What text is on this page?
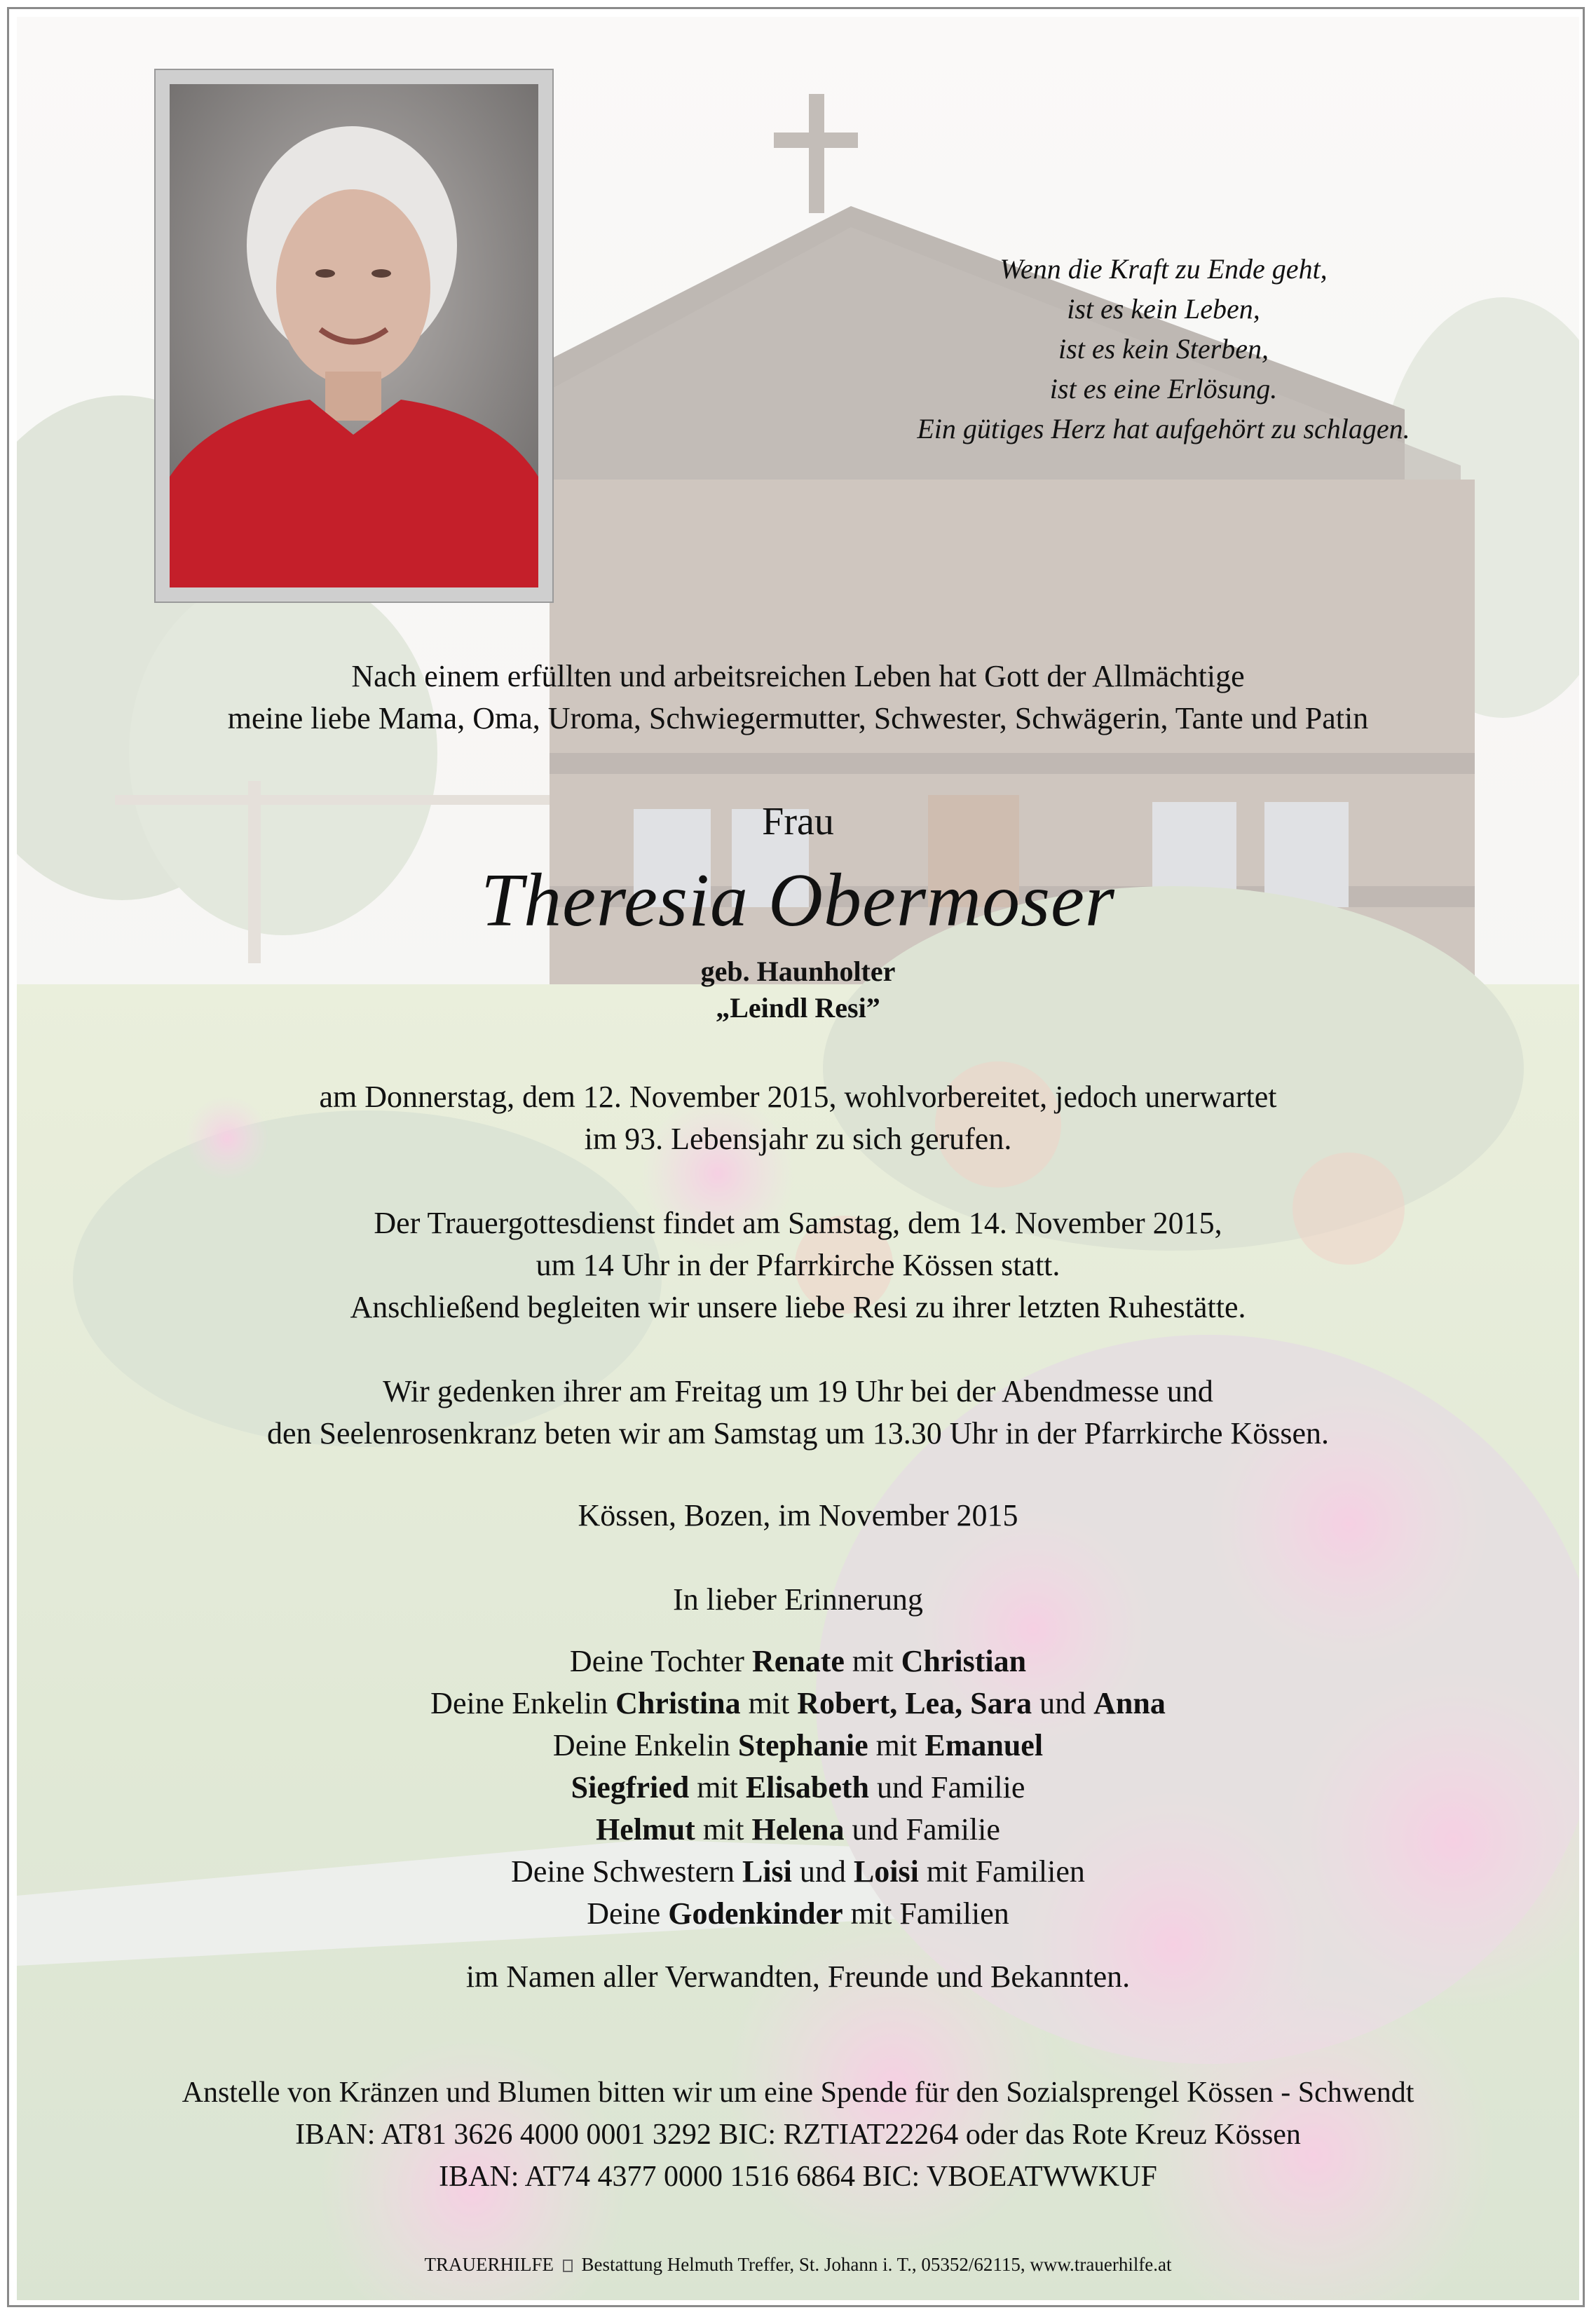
Wenn die Kraft zu Ende geht,
ist es kein Leben,
ist es kein Sterben,
ist es eine Erlösung.
Ein gütiges Herz hat aufgehört zu schlagen.
Nach einem erfüllten und arbeitsreichen Leben hat Gott der Allmächtige
meine liebe Mama, Oma, Uroma, Schwiegermutter, Schwester, Schwägerin, Tante und Patin
Frau
Theresia Obermoser
geb. Haunholter
„Leindl Resi”
am Donnerstag, dem 12. November 2015, wohlvorbereitet, jedoch unerwartet
im 93. Lebensjahr zu sich gerufen.
Der Trauergottesdienst findet am Samstag, dem 14. November 2015,
um 14 Uhr in der Pfarrkirche Kössen statt.
Anschließend begleiten wir unsere liebe Resi zu ihrer letzten Ruhestätte.
Wir gedenken ihrer am Freitag um 19 Uhr bei der Abendmesse und
den Seelenrosenkranz beten wir am Samstag um 13.30 Uhr in der Pfarrkirche Kössen.
Kössen, Bozen, im November 2015
In lieber Erinnerung
Deine Tochter Renate mit Christian
Deine Enkelin Christina mit Robert, Lea, Sara und Anna
Deine Enkelin Stephanie mit Emanuel
Siegfried mit Elisabeth und Familie
Helmut mit Helena und Familie
Deine Schwestern Lisi und Loisi mit Familien
Deine Godenkinder mit Familien
im Namen aller Verwandten, Freunde und Bekannten.
Anstelle von Kränzen und Blumen bitten wir um eine Spende für den Sozialsprengel Kössen - Schwendt
IBAN: AT81 3626 4000 0001 3292 BIC: RZTIAT22264 oder das Rote Kreuz Kössen
IBAN: AT74 4377 0000 1516 6864 BIC: VBOEATWWKUF
TRAUERHILFE Bestattung Helmuth Treffer, St. Johann i. T., 05352/62115, www.trauerhilfe.at
